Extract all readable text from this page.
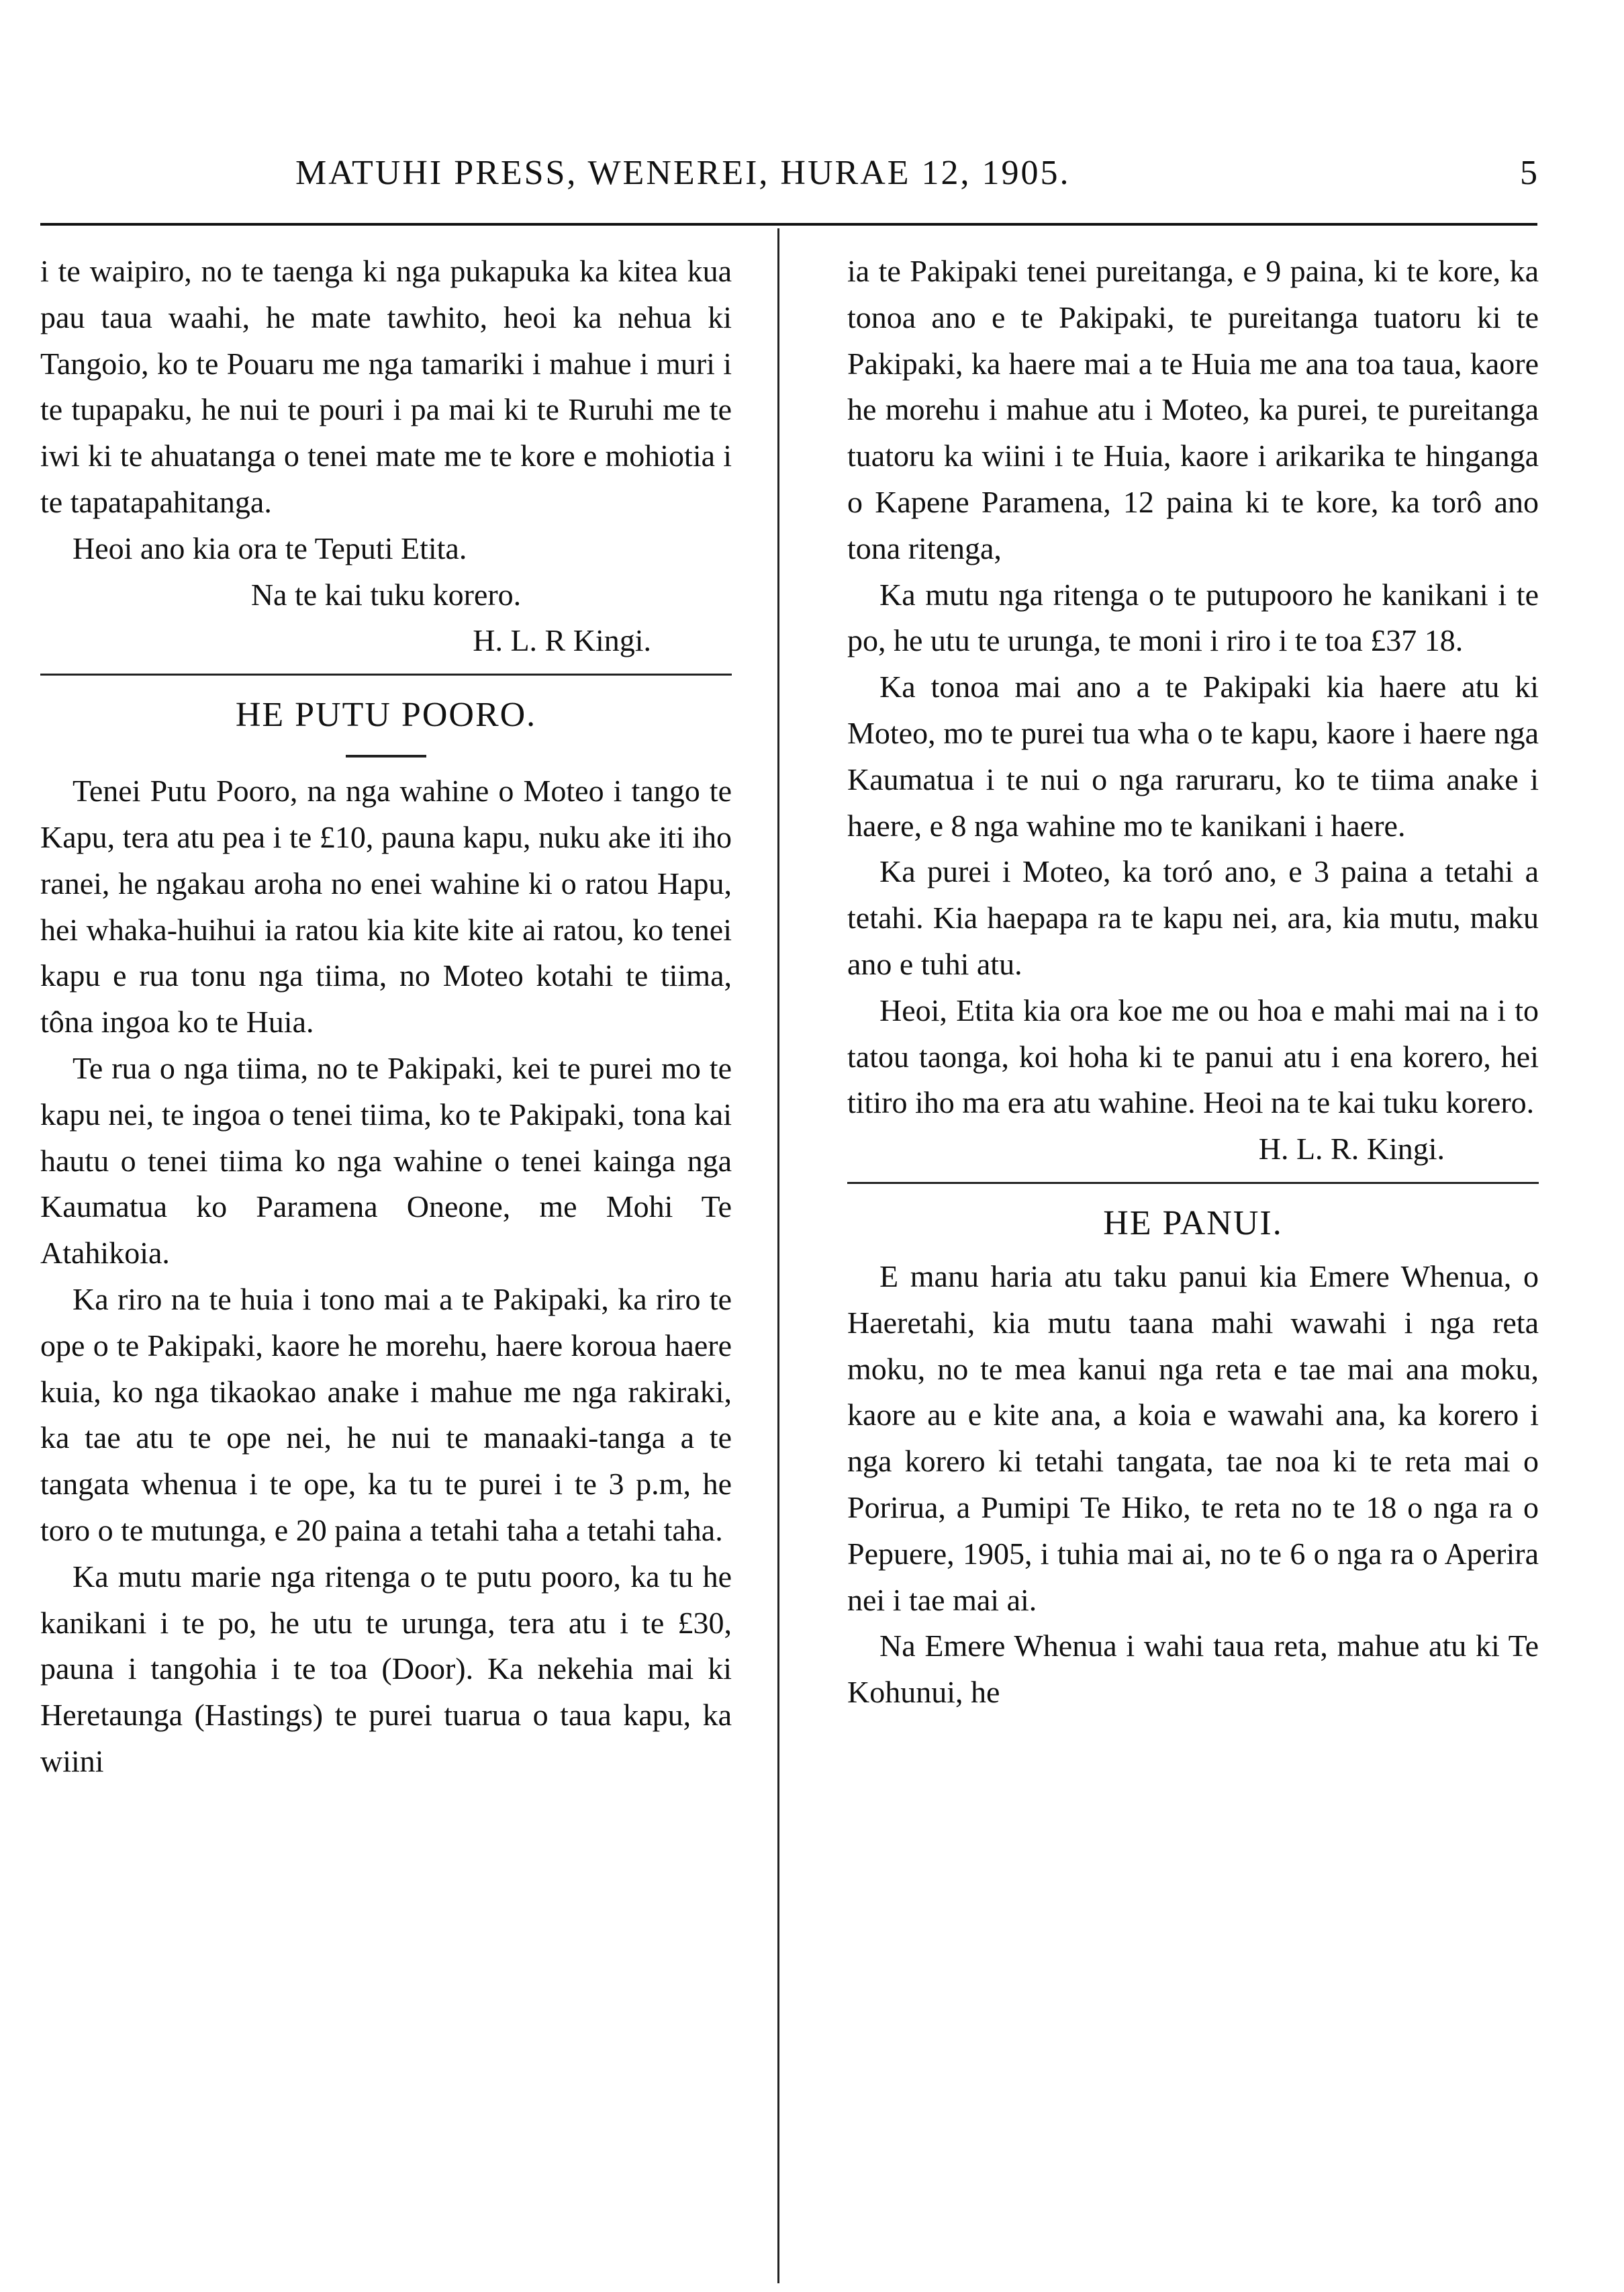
MATUHI PRESS, WENEREI, HURAE 12, 1905.	5

i te waipiro, no te taenga ki nga pukapuka ka kitea kua pau taua waahi, he mate tawhito, heoi ka nehua ki Tangoio, ko te Pouaru me nga tamariki i mahue i muri i te tupapaku, he nui te pouri i pa mai ki te Ruruhi me te iwi ki te ahuatanga o tenei mate me te kore e mohiotia i te tapatapahitanga.

Heoi ano kia ora te Teputi Etita.

Na te kai tuku korero.
H. L. R Kingi.
HE PUTU POORO.

Tenei Putu Pooro, na nga wahine o Moteo i tango te Kapu, tera atu pea i te £10, pauna kapu, nuku ake iti iho ranei, he ngakau aroha no enei wahine ki o ratou Hapu, hei whaka-huihui ia ratou kia kite kite ai ratou, ko tenei kapu e rua tonu nga tiima, no Moteo kotahi te tiima, tôna ingoa ko te Huia.

Te rua o nga tiima, no te Pakipaki, kei te purei mo te kapu nei, te ingoa o tenei tiima, ko te Pakipaki, tona kai hautu o tenei tiima ko nga wahine o tenei kainga nga Kaumatua ko Paramena Oneone, me Mohi Te Atahikoia.

Ka riro na te huia i tono mai a te Pakipaki, ka riro te ope o te Pakipaki, kaore he morehu, haere koroua haere kuia, ko nga tikaokao anake i mahue me nga rakiraki, ka tae atu te ope nei, he nui te manaaki-tanga a te tangata whenua i te ope, ka tu te purei i te 3 p.m, he toro o te mutunga, e 20 paina a tetahi taha a tetahi taha.

Ka mutu marie nga ritenga o te putu pooro, ka tu he kanikani i te po, he utu te urunga, tera atu i te £30, pauna i tangohia i te toa (Door). Ka nekehia mai ki Heretaunga (Hastings) te purei tuarua o taua kapu, ka wiini

ia te Pakipaki tenei pureitanga, e 9 paina, ki te kore, ka tonoa ano e te Pakipaki, te pureitanga tuatoru ki te Pakipaki, ka haere mai a te Huia me ana toa taua, kaore he morehu i mahue atu i Moteo, ka purei, te pureitanga tuatoru ka wiini i te Huia, kaore i arikarika te hinganga o Kapene Paramena, 12 paina ki te kore, ka torô ano tona ritenga,

Ka mutu nga ritenga o te putupooro he kanikani i te po, he utu te urunga, te moni i riro i te toa £37 18.

Ka tonoa mai ano a te Pakipaki kia haere atu ki Moteo, mo te purei tua wha o te kapu, kaore i haere nga Kaumatua i te nui o nga raruraru, ko te tiima anake i haere, e 8 nga wahine mo te kanikani i haere.

Ka purei i Moteo, ka toró ano, e 3 paina a tetahi a tetahi. Kia haepapa ra te kapu nei, ara, kia mutu, maku ano e tuhi atu.

Heoi, Etita kia ora koe me ou hoa e mahi mai na i to tatou taonga, koi hoha ki te panui atu i ena korero, hei titiro iho ma era atu wahine. Heoi na te kai tuku korero.

H. L. R. Kingi.
HE PANUI.

E manu haria atu taku panui kia Emere Whenua, o Haeretahi, kia mutu taana mahi wawahi i nga reta moku, no te mea kanui nga reta e tae mai ana moku, kaore au e kite ana, a koia e wawahi ana, ka korero i nga korero ki tetahi tangata, tae noa ki te reta mai o Porirua, a Pumipi Te Hiko, te reta no te 18 o nga ra o Pepuere, 1905, i tuhia mai ai, no te 6 o nga ra o Aperira nei i tae mai ai.

Na Emere Whenua i wahi taua reta, mahue atu ki Te Kohunui, he
